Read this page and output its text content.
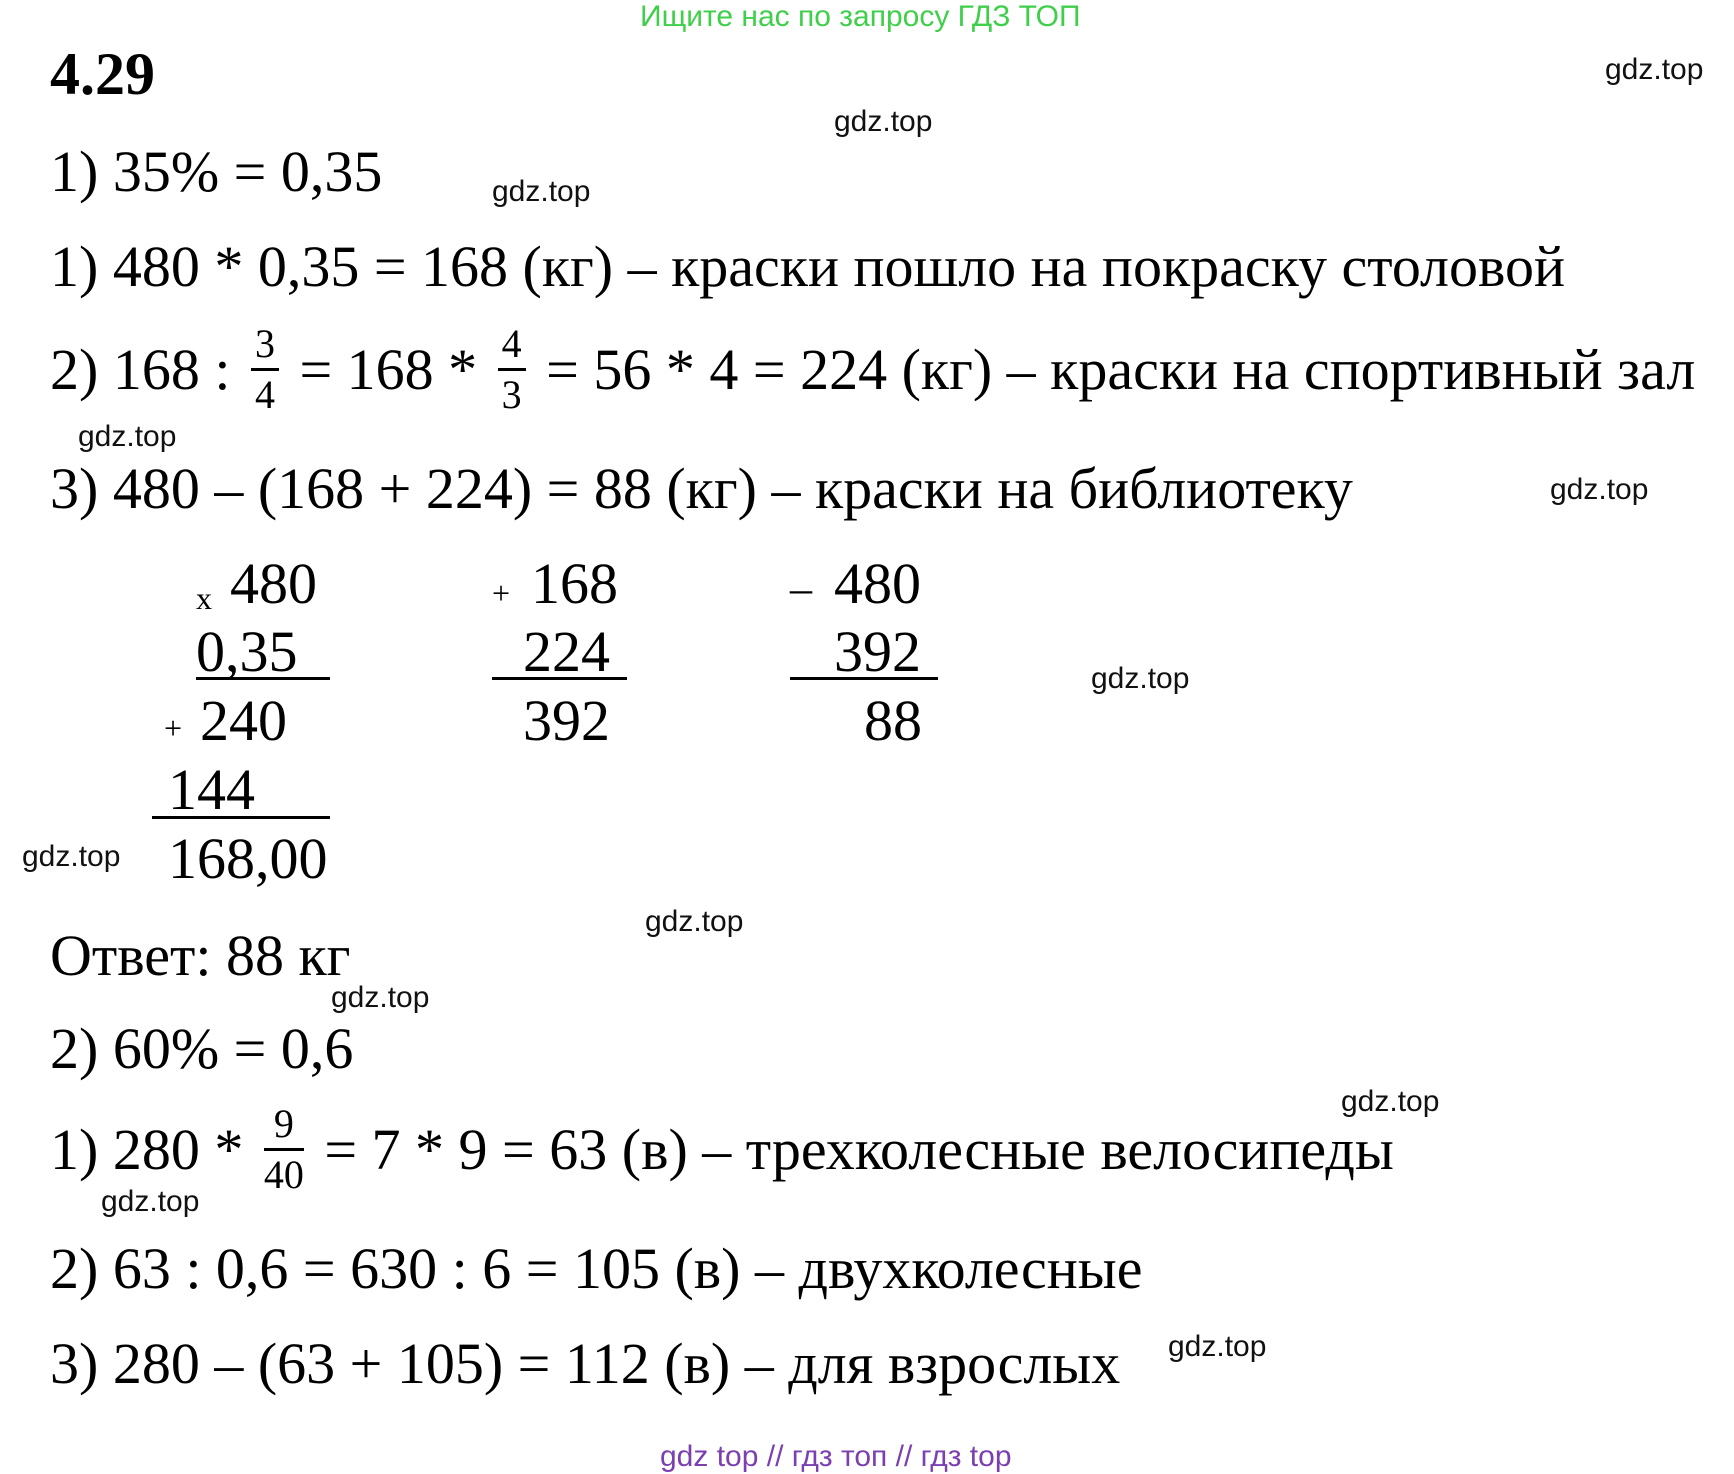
Ищите нас по запросу ГДЗ ТОП
4.29	gdz.top
gdz.top
gdz.top
gdz.top
gdz.top
gdz.top
gdz.top
gdz.top
gdz.top
gdz.top
gdz.top
gdz.top
1) 35% = 0,35
1) 480 * 0,35 = 168 (кг) – краски пошло на покраску столовой
2) 168 : $\frac{3}{4} = 168 * \frac{4}{3} = 56 * 4 = 224$ (кг) – краски на спортивный зал
3) 480 – (168 + 224) = 88 (кг) – краски на библиотеку
x 480
0,35
+ 240
144
168,00
+ 168
224
392
_ 480
392
88
Ответ: 88 кг
2) 60% = 0,6
1) $280 * \frac{9}{40} = 7 * 9 = 63$ (в) – трехколесные велосипеды
2) 63 : 0,6 = 630 : 6 = 105 (в) – двухколесные
3) 280 – (63 + 105) = 112 (в) – для взрослых
gdz top // гдз топ // гдз top
